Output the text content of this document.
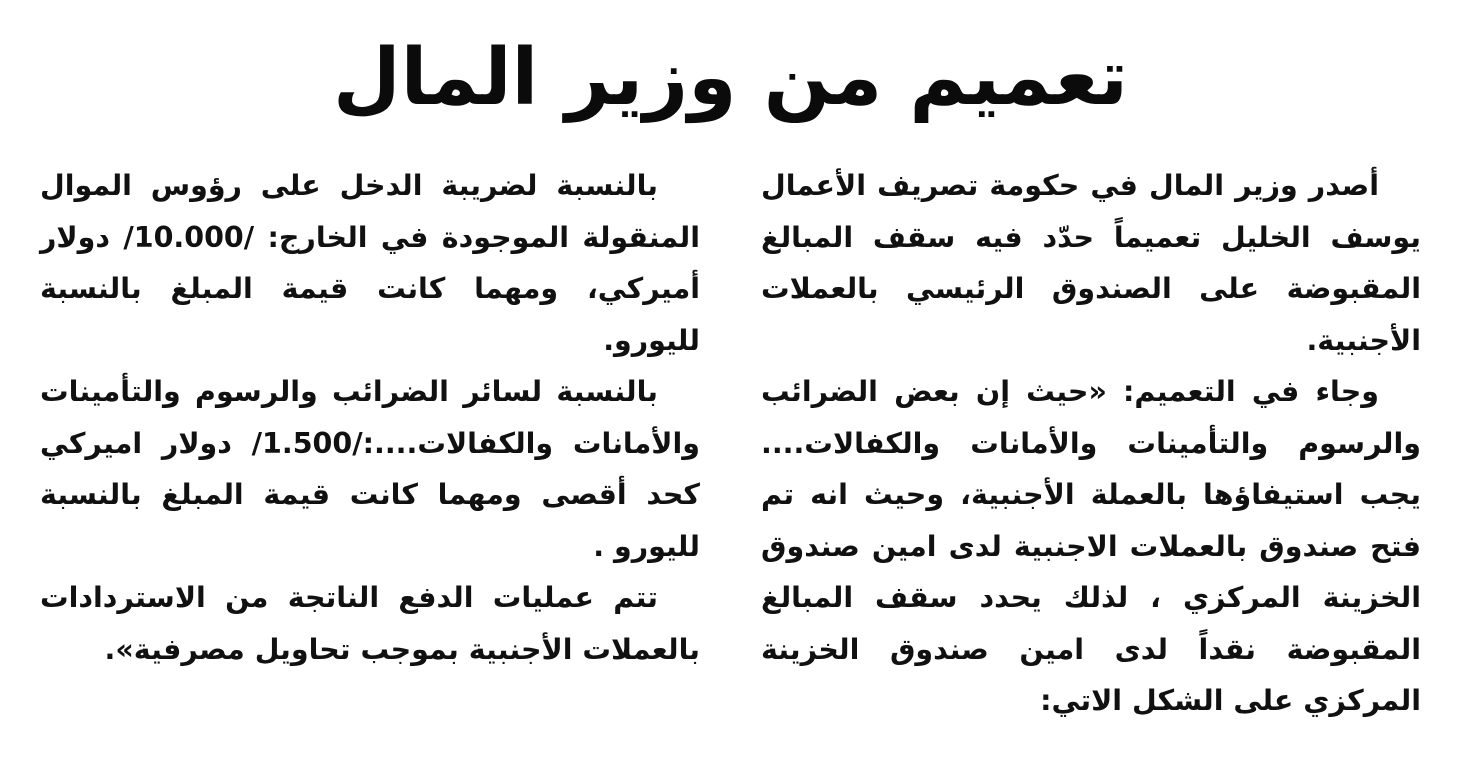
تعميم من وزير المال

أصدر وزير المال في حكومة تصريف الأعمال يوسف الخليل تعميماً حدّد فيه سقف المبالغ المقبوضة على الصندوق الرئيسي بالعملات الأجنبية.

وجاء في التعميم: «حيث إن بعض الضرائب والرسوم والتأمينات والأمانات والكفالات.... يجب استيفاؤها بالعملة الأجنبية، وحيث انه تم فتح صندوق بالعملات الاجنبية لدى امين صندوق الخزينة المركزي ، لذلك يحدد سقف المبالغ المقبوضة نقداً لدى امين صندوق الخزينة المركزي على الشكل الاتي:

بالنسبة لضريبة الدخل على رؤوس الموال المنقولة الموجودة في الخارج: /10.000/ دولار أميركي، ومهما كانت قيمة المبلغ بالنسبة لليورو.

بالنسبة لسائر الضرائب والرسوم والتأمينات والأمانات والكفالات....:/1.500/ دولار اميركي كحد أقصى ومهما كانت قيمة المبلغ بالنسبة لليورو .

تتم عمليات الدفع الناتجة من الاستردادات بالعملات الأجنبية بموجب تحاويل مصرفية».
